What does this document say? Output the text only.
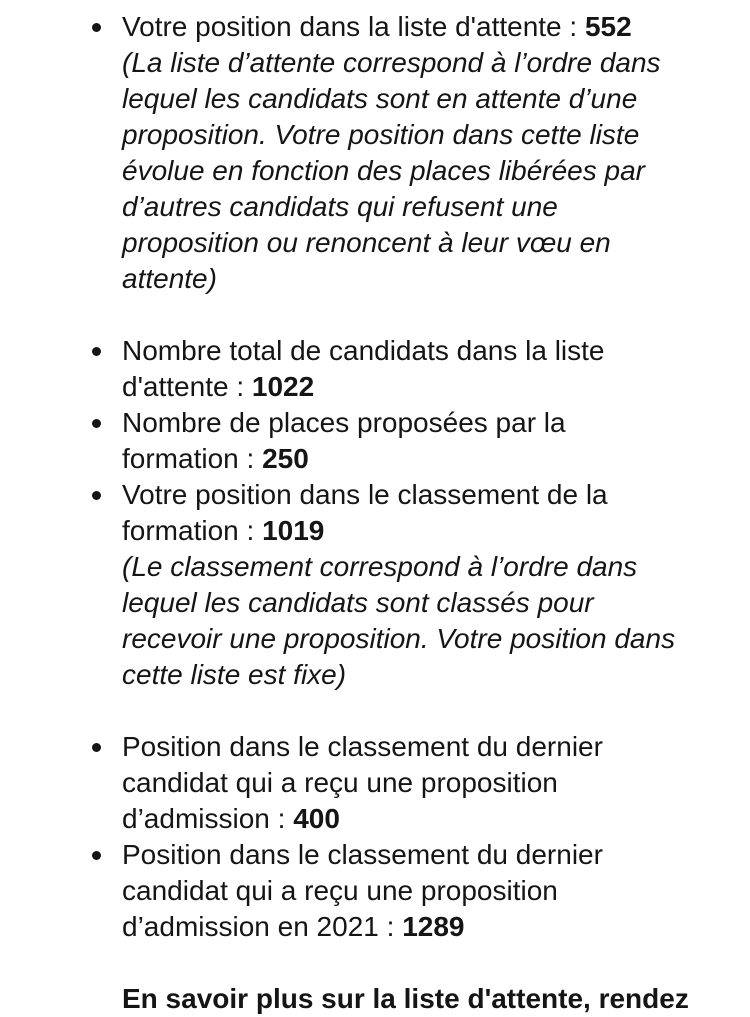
Votre position dans la liste d'attente : 552
(La liste d’attente correspond à l’ordre dans lequel les candidats sont en attente d’une proposition. Votre position dans cette liste évolue en fonction des places libérées par d’autres candidats qui refusent une proposition ou renoncent à leur vœu en attente)
Nombre total de candidats dans la liste d'attente : 1022
Nombre de places proposées par la formation : 250
Votre position dans le classement de la formation : 1019
(Le classement correspond à l’ordre dans lequel les candidats sont classés pour recevoir une proposition. Votre position dans cette liste est fixe)
Position dans le classement du dernier candidat qui a reçu une proposition d’admission : 400
Position dans le classement du dernier candidat qui a reçu une proposition d’admission en 2021 : 1289

En savoir plus sur la liste d'attente, rendez
